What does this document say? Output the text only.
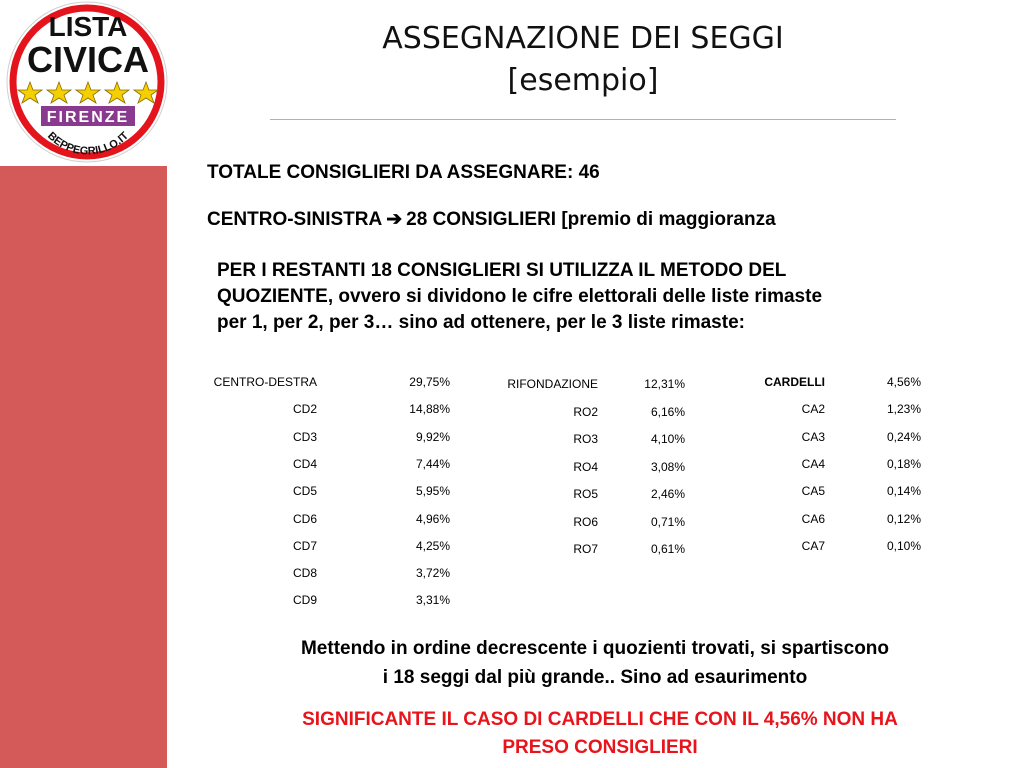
LISTA
CIVICA
FIRENZE
BEPPEGRILLO.IT
ASSEGNAZIONE DEI SEGGI
[esempio]
TOTALE CONSIGLIERI DA ASSEGNARE: 46
CENTRO-SINISTRA ➔ 28 CONSIGLIERI [premio di maggioranza
PER I RESTANTI 18 CONSIGLIERI SI UTILIZZA IL METODO DEL
QUOZIENTE, ovvero si dividono le cifre elettorali delle liste rimaste
per 1, per 2, per 3… sino ad ottenere, per le 3 liste rimaste:
CENTRO-DESTRA	29,75%
CD2	14,88%
CD3	9,92%
CD4	7,44%
CD5	5,95%
CD6	4,96%
CD7	4,25%
CD8	3,72%
CD9	3,31%
RIFONDAZIONE	12,31%
RO2	6,16%
RO3	4,10%
RO4	3,08%
RO5	2,46%
RO6	0,71%
RO7	0,61%
CARDELLI	4,56%
CA2	1,23%
CA3	0,24%
CA4	0,18%
CA5	0,14%
CA6	0,12%
CA7	0,10%
Mettendo in ordine decrescente i quozienti trovati, si spartiscono
i 18 seggi dal più grande.. Sino ad esaurimento
SIGNIFICANTE IL CASO DI CARDELLI CHE CON IL 4,56% NON HA
PRESO CONSIGLIERI
